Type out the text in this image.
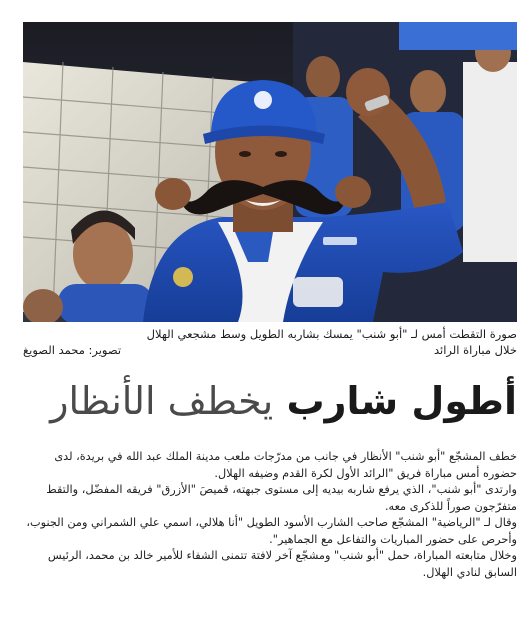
صورة التقطت أمس لـ "أبو شنب" يمسك بشاربه الطويل وسط مشجعي الهلال
خلال مباراة الرائد
تصوير: محمد الصويغ
أطول شارب يخطف الأنظار

خطف المشجّع "أبو شنب" الأنظار في جانب من مدرّجات ملعب مدينة الملك عبد الله في بريدة، لدى حضوره أمس مباراة فريق "الرائد الأول لكرة القدم وضيفه الهلال.

وارتدى "أبو شنب"، الذي يرفع شاربه بيديه إلى مستوى جبهته، قميصَ "الأزرق" فريقه المفضّل، والتقط متفرّجون صوراً للذكرى معه.

وقال لـ "الرياضية" المشجّع صاحب الشارب الأسود الطويل "أنا هلالي، اسمي علي الشمراني ومن الجنوب، وأحرص على حضور المباريات والتفاعل مع الجماهير".

وخلال متابعته المباراة، حمل "أبو شنب" ومشجّع آخر لافتة تتمنى الشفاء للأمير خالد بن محمد، الرئيس السابق لنادي الهلال.
